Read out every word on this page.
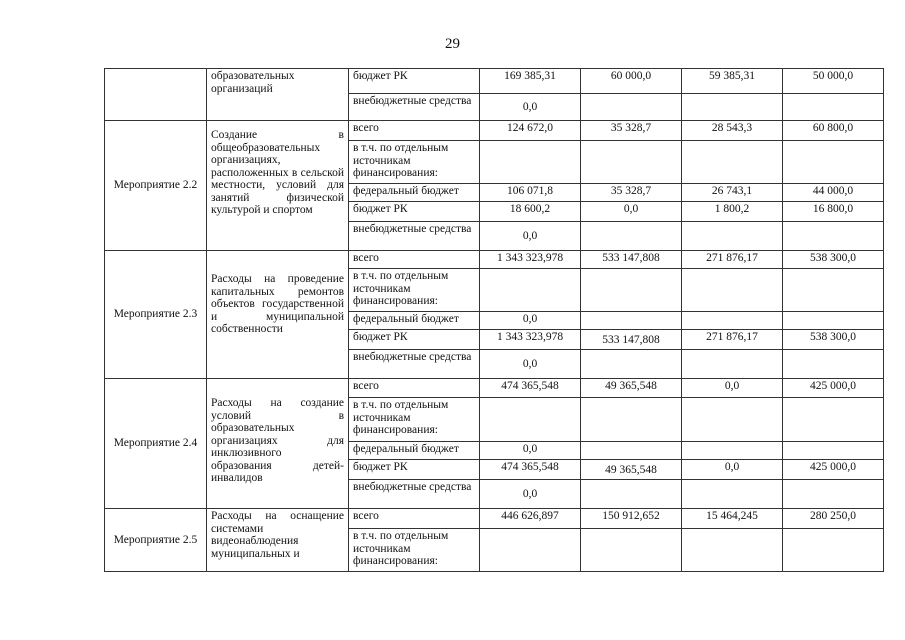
29
	образовательных организаций	бюджет РК	169 385,31	60 000,0	59 385,31	50 000,0
		внебюджетные средства	0,0			
Мероприятие 2.2	Создание в общеобразовательных организациях, расположенных в сельской местности, условий для занятий физической культурой и спортом	всего	124 672,0	35 328,7	28 543,3	60 800,0
		в т.ч. по отдельным источникам финансирования:				
		федеральный бюджет	106 071,8	35 328,7	26 743,1	44 000,0
		бюджет РК	18 600,2	0,0	1 800,2	16 800,0
		внебюджетные средства	0,0			
Мероприятие 2.3	Расходы на проведение капитальных ремонтов объектов государственной и муниципальной собственности	всего	1 343 323,978	533 147,808	271 876,17	538 300,0
		в т.ч. по отдельным источникам финансирования:				
		федеральный бюджет	0,0			
		бюджет РК	1 343 323,978	533 147,808	271 876,17	538 300,0
		внебюджетные средства	0,0			
Мероприятие 2.4	Расходы на создание условий в образовательных организациях для инклюзивного образования детей-инвалидов	всего	474 365,548	49 365,548	0,0	425 000,0
		в т.ч. по отдельным источникам финансирования:				
		федеральный бюджет	0,0			
		бюджет РК	474 365,548	49 365,548	0,0	425 000,0
		внебюджетные средства	0,0			
Мероприятие 2.5	Расходы на оснащение системами видеонаблюдения муниципальных и	всего	446 626,897	150 912,652	15 464,245	280 250,0
		в т.ч. по отдельным источникам финансирования:				
